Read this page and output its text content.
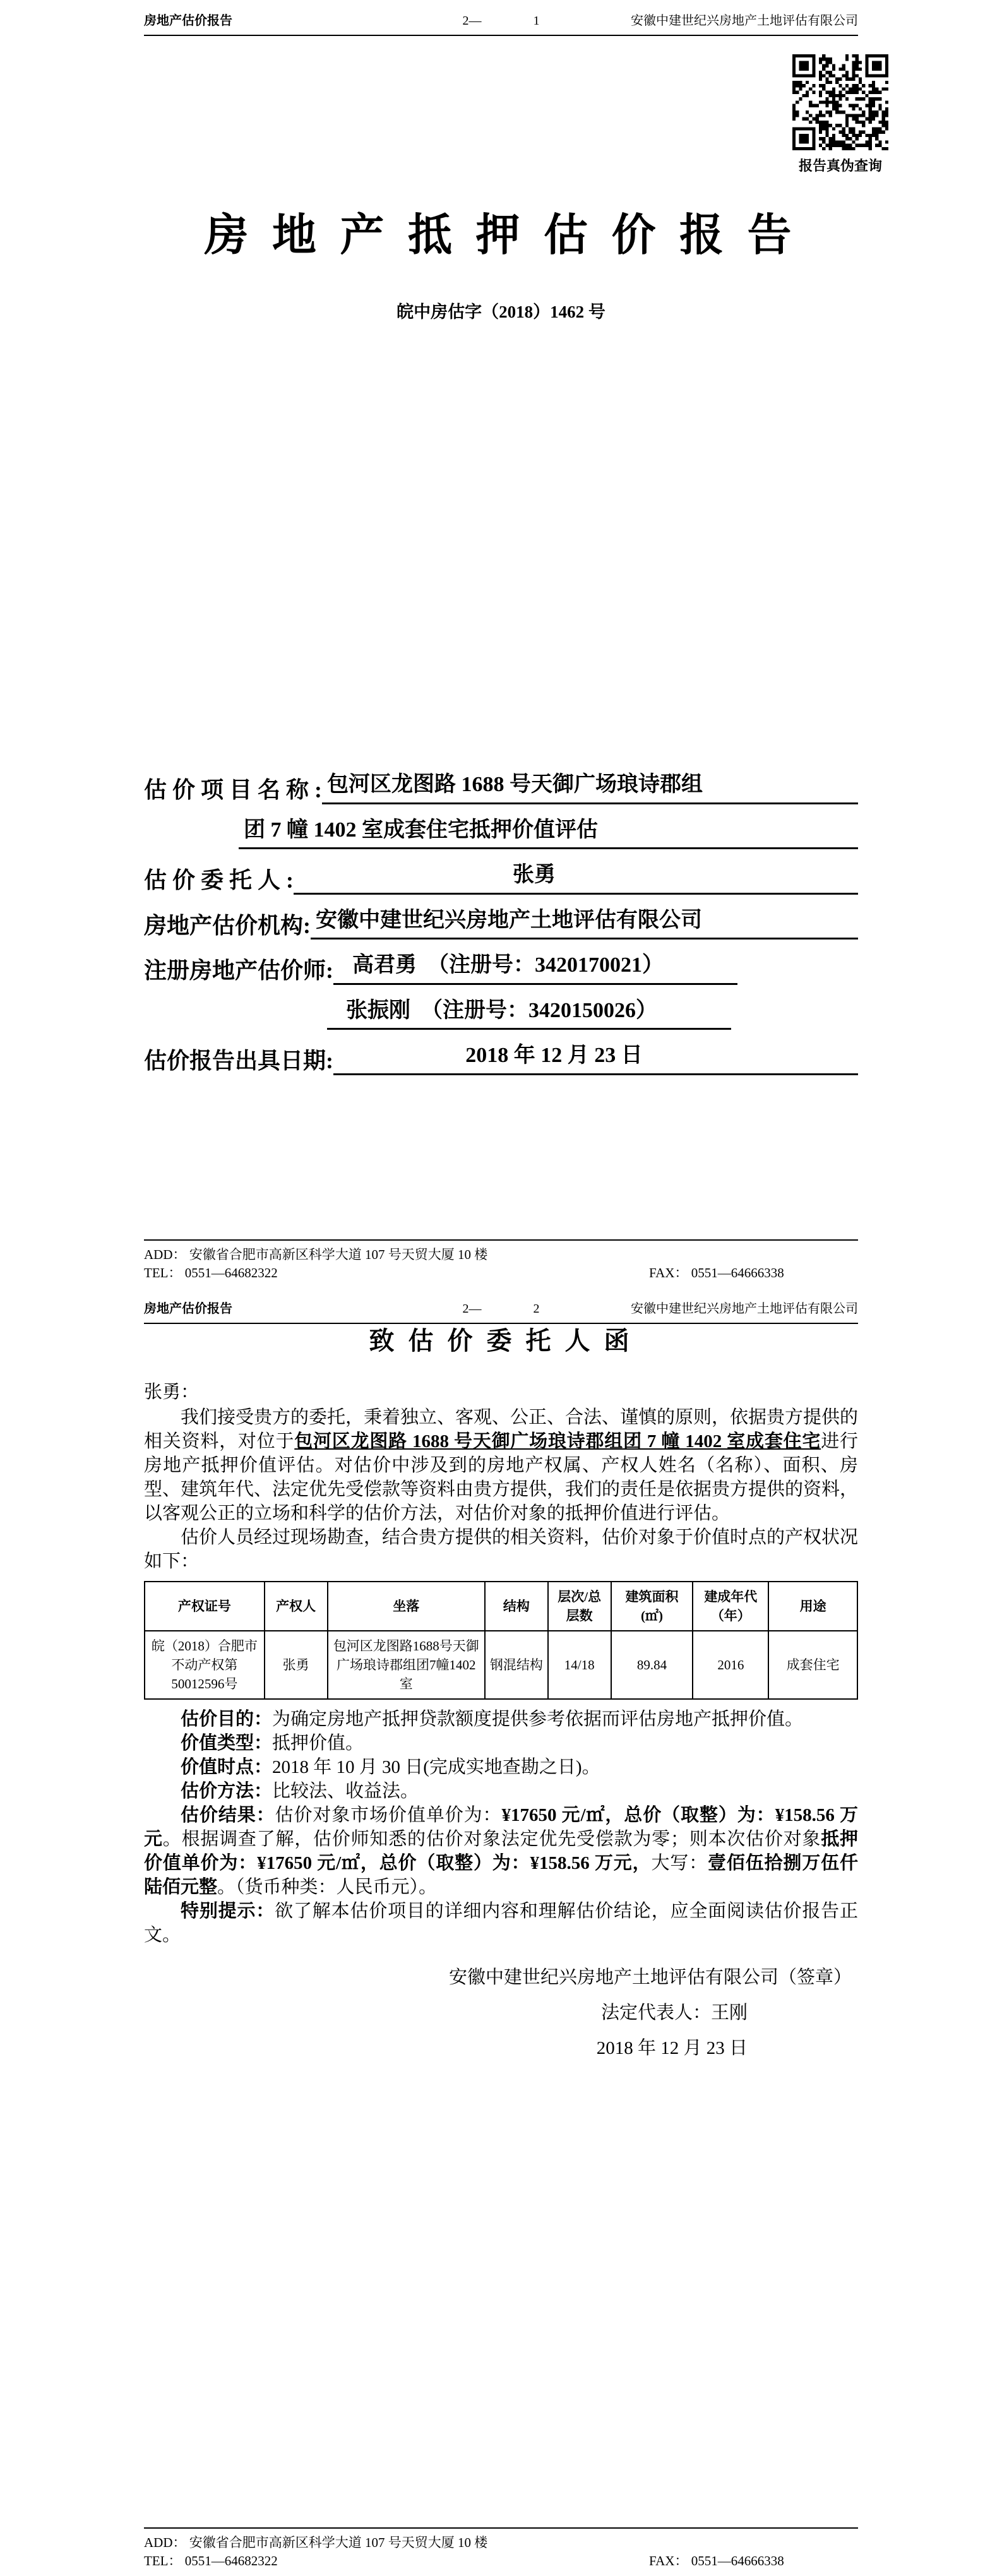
房地产估价报告	2—	1	安徽中建世纪兴房地产土地评估有限公司
报告真伪查询
房 地 产 抵 押 估 价 报 告
皖中房估字（2018）1462 号
估 价 项 目 名 称 : 包河区龙图路 1688 号天御广场琅诗郡组
团 7 幢 1402 室成套住宅抵押价值评估
估 价 委 托 人 :	张勇
房地产估价机构: 安徽中建世纪兴房地产土地评估有限公司
注册房地产估价师: 高君勇　（注册号：3420170021）
张振刚　（注册号：3420150026）
估价报告出具日期:	2018 年 12 月 23 日
ADD： 安徽省合肥市高新区科学大道 107 号天贸大厦 10 楼
TEL： 0551—64682322	FAX： 0551—64666338
房地产估价报告	2—	2	安徽中建世纪兴房地产土地评估有限公司
致 估 价 委 托 人 函
张勇：

我们接受贵方的委托，秉着独立、客观、公正、合法、谨慎的原则，依据贵方提供的相关资料，对位于包河区龙图路 1688 号天御广场琅诗郡组团 7 幢 1402 室成套住宅进行房地产抵押价值评估。对估价中涉及到的房地产权属、产权人姓名（名称）、面积、房型、建筑年代、法定优先受偿款等资料由贵方提供，我们的责任是依据贵方提供的资料，以客观公正的立场和科学的估价方法，对估价对象的抵押价值进行评估。

估价人员经过现场勘查，结合贵方提供的相关资料，估价对象于价值时点的产权状况如下：

产权证号	产权人	坐落	结构	层次/总层数	建筑面积(㎡)	建成年代（年）	用途
皖（2018）合肥市不动产权第50012596号	张勇	包河区龙图路1688号天御广场琅诗郡组团7幢1402室	钢混结构	14/18	89.84	2016	成套住宅

估价目的：为确定房地产抵押贷款额度提供参考依据而评估房地产抵押价值。

价值类型：抵押价值。

价值时点：2018 年 10 月 30 日(完成实地查勘之日)。

估价方法：比较法、收益法。

估价结果：估价对象市场价值单价为：¥17650 元/㎡，总价（取整）为：¥158.56 万元。根据调查了解，估价师知悉的估价对象法定优先受偿款为零；则本次估价对象抵押价值单价为：¥17650 元/㎡，总价（取整）为：¥158.56 万元，大写：壹佰伍拾捌万伍仟陆佰元整。（货币种类：人民币元）。

特别提示：欲了解本估价项目的详细内容和理解估价结论，应全面阅读估价报告正文。

安徽中建世纪兴房地产土地评估有限公司（签章）
法定代表人：王刚
2018 年 12 月 23 日
ADD： 安徽省合肥市高新区科学大道 107 号天贸大厦 10 楼
TEL： 0551—64682322	FAX： 0551—64666338
